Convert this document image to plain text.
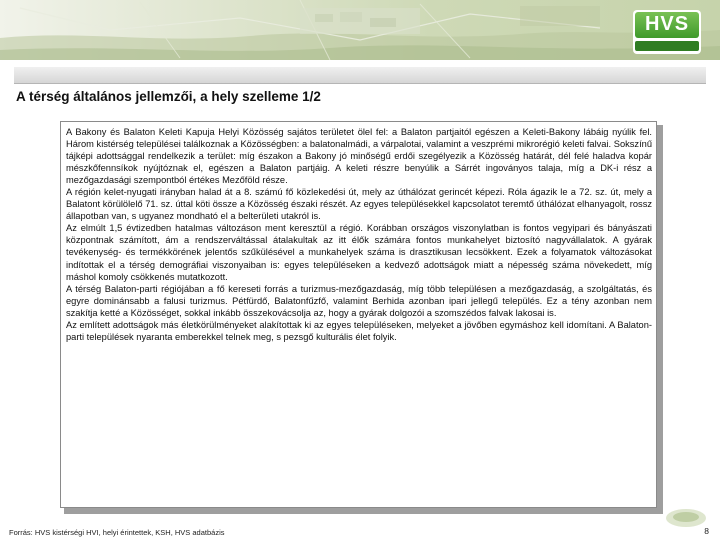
HVS
A térség általános jellemzői, a hely szelleme 1/2

A Bakony és Balaton Keleti Kapuja Helyi Közösség sajátos területet ölel fel: a Balaton partjaitól egészen a Keleti-Bakony lábáig nyúlik fel. Három kistérség települései találkoznak a Közösségben: a balatonalmádi, a várpalotai, valamint a veszprémi mikrorégió keleti falvai. Sokszínű tájképi adottsággal rendelkezik a terület: míg északon a Bakony jó minőségű erdői szegélyezik a Közösség határát, dél felé haladva kopár mészkőfennsíkok nyújtóznak el, egészen a Balaton partjáig. A keleti részre benyúlik a Sárrét ingoványos talaja, míg a DK-i rész a mezőgazdasági szempontból értékes Mezőföld része.

A régión kelet-nyugati irányban halad át a 8. számú fő közlekedési út, mely az úthálózat gerincét képezi. Róla ágazik le a 72. sz. út, mely a Balatont körülölelő 71. sz. úttal köti össze a Közösség északi részét. Az egyes településekkel kapcsolatot teremtő úthálózat elhanyagolt, rossz állapotban van, s ugyanez mondható el a belterületi utakról is.

Az elmúlt 1,5 évtizedben hatalmas változáson ment keresztül a régió. Korábban országos viszonylatban is fontos vegyipari és bányászati központnak számított, ám a rendszerváltással átalakultak az itt élők számára fontos munkahelyet biztosító nagyvállalatok. A gyárak tevékenység- és termékkörének jelentős szűkülésével a munkahelyek száma is drasztikusan lecsökkent. Ezek a folyamatok változásokat indítottak el a térség demográfiai viszonyaiban is: egyes településeken a kedvező adottságok miatt a népesség száma növekedett, míg máshol komoly csökkenés mutatkozott.

A térség Balaton-parti régiójában a fő kereseti forrás a turizmus-mezőgazdaság, míg több településen a mezőgazdaság, a szolgáltatás, és egyre dominánsabb a falusi turizmus. Pétfürdő, Balatonfűzfő, valamint Berhida azonban ipari jellegű település. Ez a tény azonban nem szakítja ketté a Közösséget, sokkal inkább összekovácsolja az, hogy a gyárak dolgozói a szomszédos falvak lakosai is.

Az említett adottságok más életkörülményeket alakítottak ki az egyes településeken, melyeket a jövőben egymáshoz kell idomítani. A Balaton-parti települések nyaranta emberekkel telnek meg, s pezsgő kulturális élet folyik.

Forrás: HVS kistérségi HVI, helyi érintettek, KSH, HVS adatbázis	8
